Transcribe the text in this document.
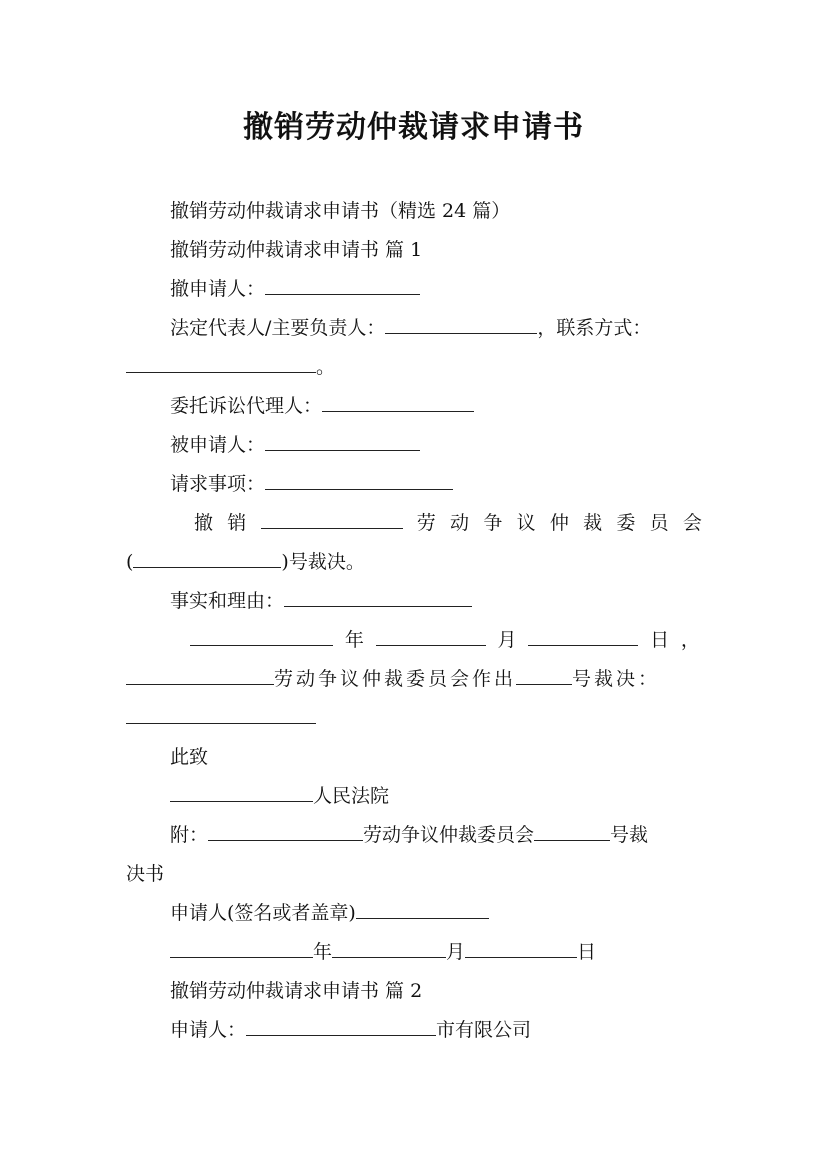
撤销劳动仲裁请求申请书
撤销劳动仲裁请求申请书（精选 24 篇）
撤销劳动仲裁请求申请书 篇 1
撤申请人：
法定代表人/主要负责人：	，联系方式：
。
委托诉讼代理人：
被申请人：
请求事项：
撤 销	劳 动 争 议 仲 裁 委 员 会
(	)号裁决。
事实和理由：
年	月	日 ，
劳动争议仲裁委员会作出	号裁决：
此致
人民法院
附：	劳动争议仲裁委员会	号裁
决书
申请人(签名或者盖章)
年	月	日
撤销劳动仲裁请求申请书 篇 2
申请人：	市有限公司
